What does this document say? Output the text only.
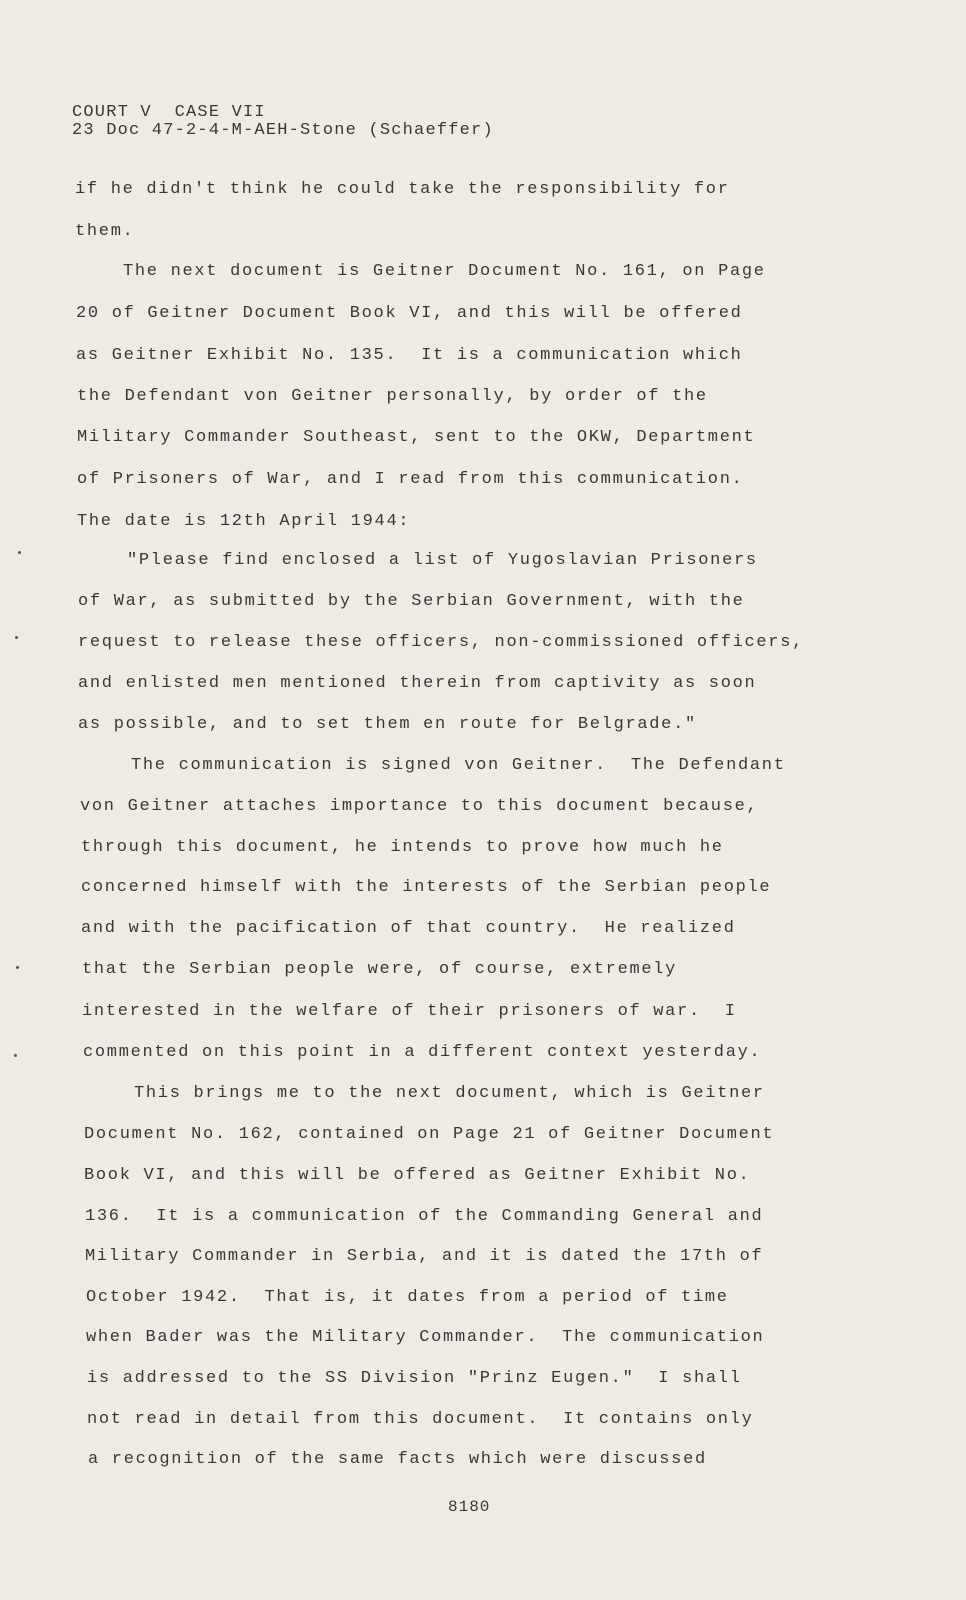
COURT V  CASE VII
23 Doc 47-2-4-M-AEH-Stone (Schaeffer)
if he didn't think he could take the responsibility for
them.
The next document is Geitner Document No. 161, on Page
20 of Geitner Document Book VI, and this will be offered
as Geitner Exhibit No. 135.  It is a communication which
the Defendant von Geitner personally, by order of the
Military Commander Southeast, sent to the OKW, Department
of Prisoners of War, and I read from this communication.
The date is 12th April 1944:
"Please find enclosed a list of Yugoslavian Prisoners
of War, as submitted by the Serbian Government, with the
request to release these officers, non-commissioned officers,
and enlisted men mentioned therein from captivity as soon
as possible, and to set them en route for Belgrade."
The communication is signed von Geitner.  The Defendant
von Geitner attaches importance to this document because,
through this document, he intends to prove how much he
concerned himself with the interests of the Serbian people
and with the pacification of that country.  He realized
that the Serbian people were, of course, extremely
interested in the welfare of their prisoners of war.  I
commented on this point in a different context yesterday.
This brings me to the next document, which is Geitner
Document No. 162, contained on Page 21 of Geitner Document
Book VI, and this will be offered as Geitner Exhibit No.
136.  It is a communication of the Commanding General and
Military Commander in Serbia, and it is dated the 17th of
October 1942.  That is, it dates from a period of time
when Bader was the Military Commander.  The communication
is addressed to the SS Division "Prinz Eugen."  I shall
not read in detail from this document.  It contains only
a recognition of the same facts which were discussed
8180
